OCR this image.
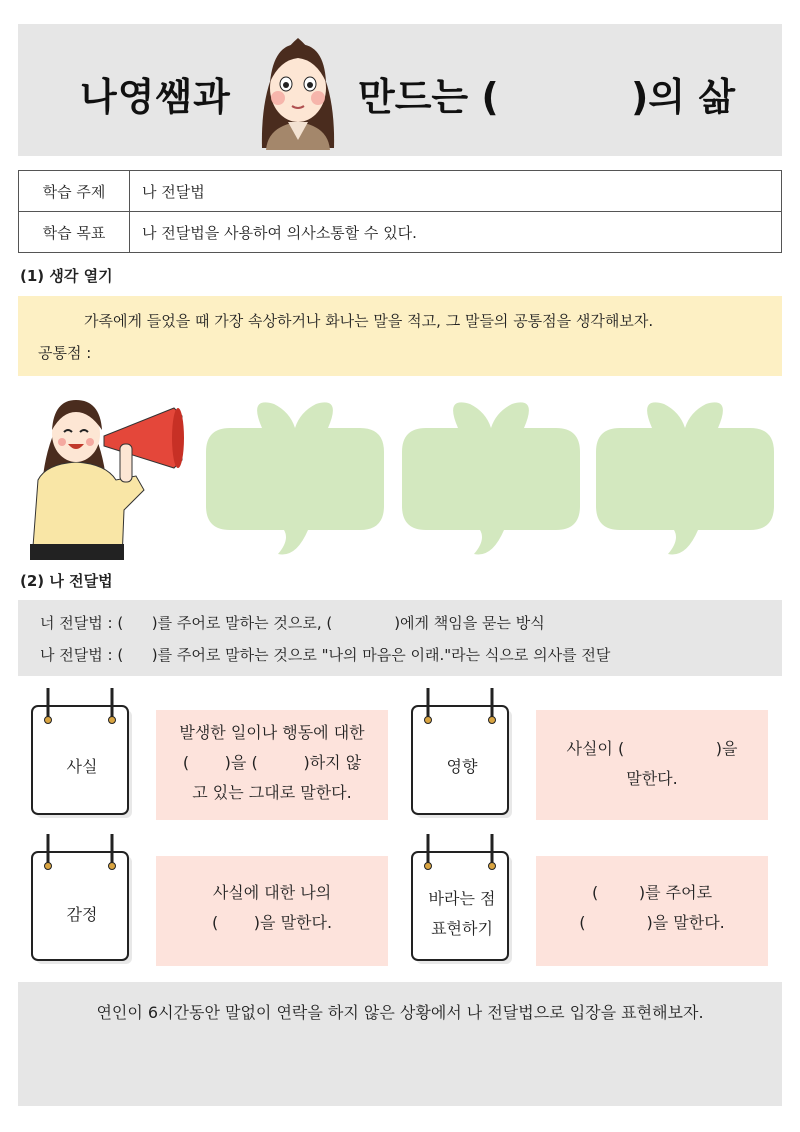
나영쌤과	만드는 (          )의 삶
학습 주제	나 전달법
학습 목표	나 전달법을 사용하여 의사소통할 수 있다.
(1) 생각 열기
가족에게 들었을 때 가장 속상하거나 화나는 말을 적고, 그 말들의 공통점을 생각해보자.
공통점 :
(2) 나 전달법
너 전달법 : (      )를 주어로 말하는 것으로, (             )에게 책임을 묻는 방식
나 전달법 : (      )를 주어로 말하는 것으로 "나의 마음은 이래."라는 식으로 의사를 전달
사실
발생한 일이나 행동에 대한
(       )을 (         )하지 않
고 있는 그대로 말한다.
영향
사실이 (                  )을
말한다.
감정
사실에 대한 나의
(       )을 말한다.
바라는 점
표현하기
(        )를 주어로
(            )을 말한다.
연인이 6시간동안 말없이 연락을 하지 않은 상황에서 나 전달법으로 입장을 표현해보자.
